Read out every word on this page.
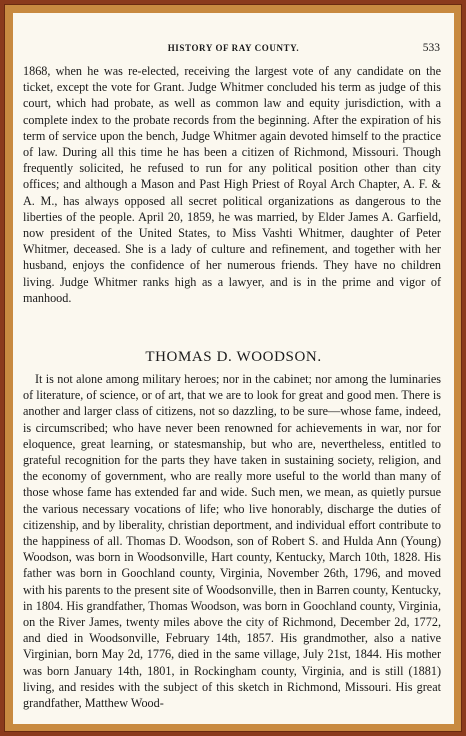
HISTORY OF RAY COUNTY.	533

1868, when he was re-elected, receiving the largest vote of any candidate on the ticket, except the vote for Grant. Judge Whitmer concluded his term as judge of this court, which had probate, as well as common law and equity jurisdiction, with a complete index to the probate records from the beginning. After the expiration of his term of service upon the bench, Judge Whitmer again devoted himself to the practice of law. During all this time he has been a citizen of Richmond, Missouri. Though frequently solicited, he refused to run for any political position other than city offices; and although a Mason and Past High Priest of Royal Arch Chapter, A. F. & A. M., has always opposed all secret political organizations as dangerous to the liberties of the people. April 20, 1859, he was married, by Elder James A. Garfield, now president of the United States, to Miss Vashti Whitmer, daughter of Peter Whitmer, deceased. She is a lady of culture and refinement, and together with her husband, enjoys the confidence of her numerous friends. They have no children living. Judge Whitmer ranks high as a lawyer, and is in the prime and vigor of manhood.

THOMAS D. WOODSON.

It is not alone among military heroes; nor in the cabinet; nor among the luminaries of literature, of science, or of art, that we are to look for great and good men. There is another and larger class of citizens, not so dazzling, to be sure—whose fame, indeed, is circumscribed; who have never been renowned for achievements in war, nor for eloquence, great learning, or statesmanship, but who are, nevertheless, entitled to grateful recognition for the parts they have taken in sustaining society, religion, and the economy of government, who are really more useful to the world than many of those whose fame has extended far and wide. Such men, we mean, as quietly pursue the various necessary vocations of life; who live honorably, discharge the duties of citizenship, and by liberality, christian deportment, and individual effort contribute to the happiness of all. Thomas D. Woodson, son of Robert S. and Hulda Ann (Young) Woodson, was born in Woodsonville, Hart county, Kentucky, March 10th, 1828. His father was born in Goochland county, Virginia, November 26th, 1796, and moved with his parents to the present site of Woodsonville, then in Barren county, Kentucky, in 1804. His grandfather, Thomas Woodson, was born in Goochland county, Virginia, on the River James, twenty miles above the city of Richmond, December 2d, 1772, and died in Woodsonville, February 14th, 1857. His grandmother, also a native Virginian, born May 2d, 1776, died in the same village, July 21st, 1844. His mother was born January 14th, 1801, in Rockingham county, Virginia, and is still (1881) living, and resides with the subject of this sketch in Richmond, Missouri. His great grandfather, Matthew Wood-
